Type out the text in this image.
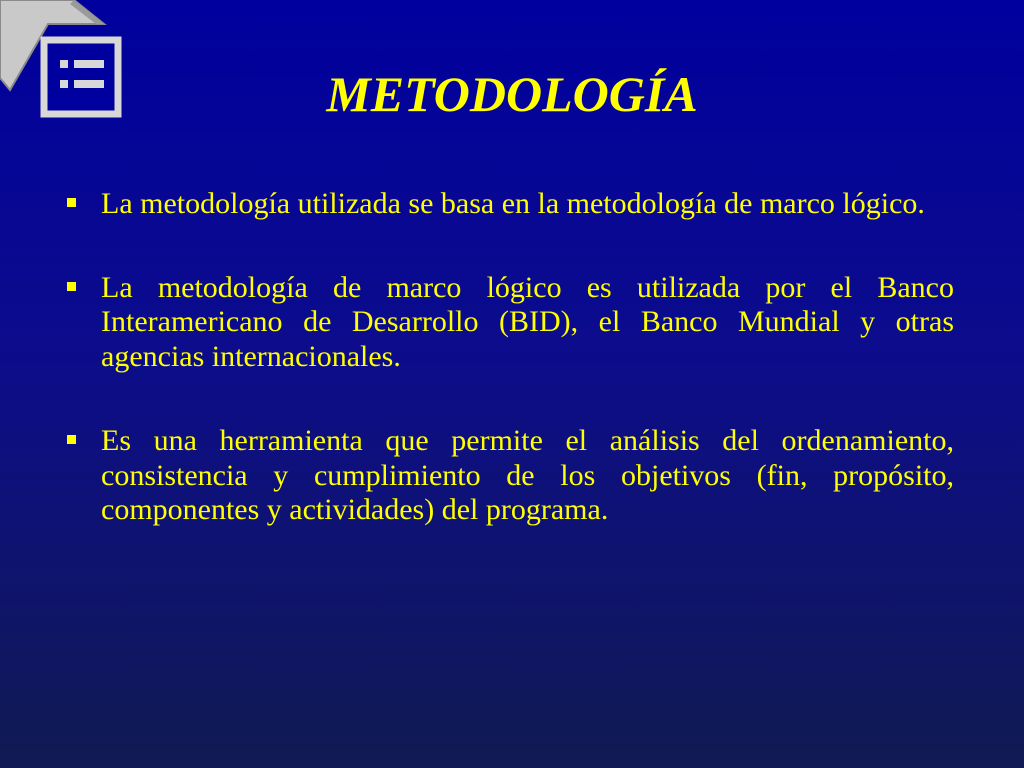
METODOLOGÍA
La metodología utilizada se basa en la metodología de marco lógico.
La metodología de marco lógico es utilizada por el Banco Interamericano de Desarrollo (BID), el Banco Mundial y otras agencias internacionales.
Es una herramienta que permite el análisis del ordenamiento, consistencia y cumplimiento de los objetivos (fin, propósito, componentes y actividades) del programa.
